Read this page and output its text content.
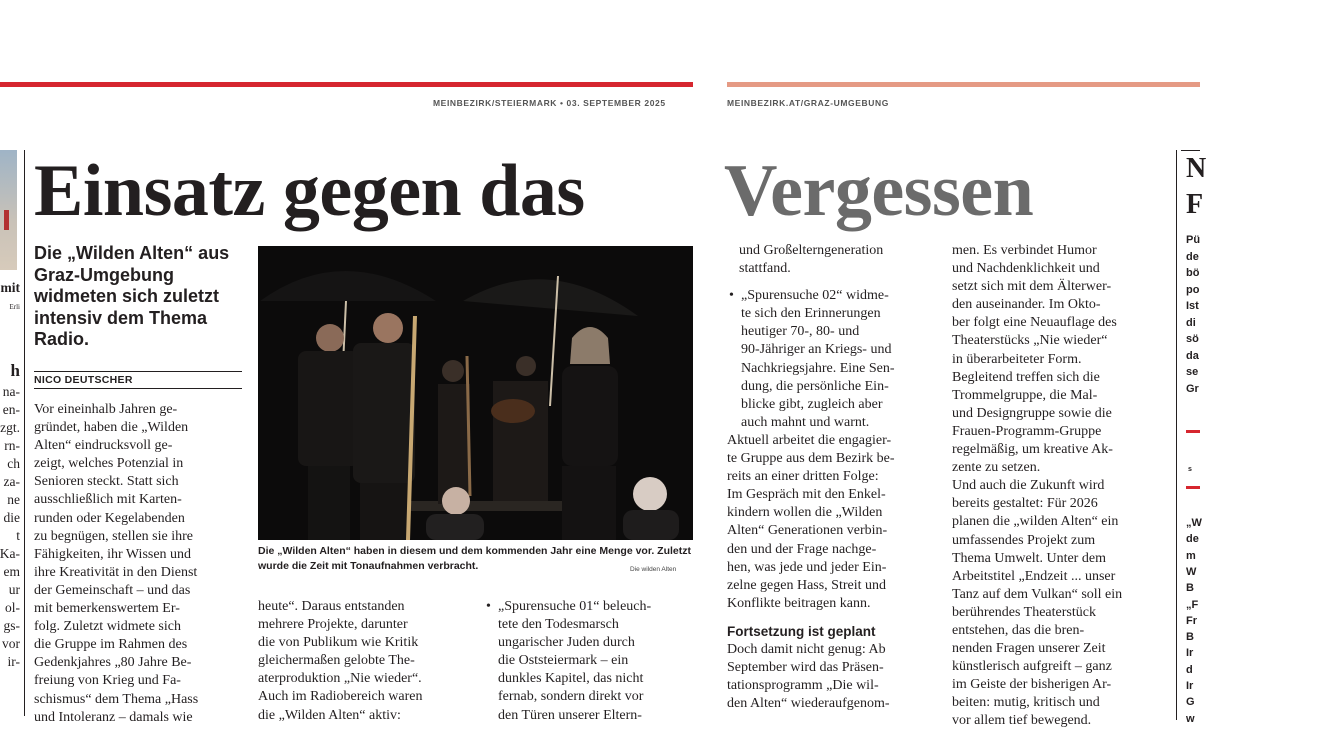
MEINBEZIRK/STEIERMARK • 03. SEPTEMBER 2025	MEINBEZIRK.AT/GRAZ-UMGEBUNG
mit
Erli
h
na-
en-
zgt.
rn-
ch
za-
ne
die
t
Ka-
em
ur
ol-
gs-
vor
ir-
Einsatz gegen das Vergessen
Die „Wilden Alten“ aus Graz-Umgebung widmeten sich zuletzt intensiv dem Thema Radio.
NICO DEUTSCHER
Vor eineinhalb Jahren ge-
gründet, haben die „Wilden
Alten“ eindrucksvoll ge-
zeigt, welches Potenzial in
Senioren steckt. Statt sich
ausschließlich mit Karten-
runden oder Kegelabenden
zu begnügen, stellen sie ihre
Fähigkeiten, ihr Wissen und
ihre Kreativität in den Dienst
der Gemeinschaft – und das
mit bemerkenswertem Er-
folg. Zuletzt widmete sich
die Gruppe im Rahmen des
Gedenkjahres „80 Jahre Be-
freiung von Krieg und Fa-
schismus“ dem Thema „Hass
und Intoleranz – damals wie
Die „Wilden Alten“ haben in diesem und dem kommenden Jahr eine Menge vor. Zuletzt wurde die Zeit mit Tonaufnahmen verbracht.	Die wilden Alten
heute“. Daraus entstanden
mehrere Projekte, darunter
die von Publikum wie Kritik
gleichermaßen gelobte The-
aterproduktion „Nie wieder“.
Auch im Radiobereich waren
die „Wilden Alten“ aktiv:
„Spurensuche 01“ beleuch-
tete den Todesmarsch
ungarischer Juden durch
die Oststeiermark – ein
dunkles Kapitel, das nicht
fernab, sondern direkt vor
den Türen unserer Eltern-
•
und Großelterngeneration
stattfand.
• „Spurensuche 02“ widme-
te sich den Erinnerungen
heutiger 70-, 80- und
90-Jähriger an Kriegs- und
Nachkriegsjahre. Eine Sen-
dung, die persönliche Ein-
blicke gibt, zugleich aber
auch mahnt und warnt.
Aktuell arbeitet die engagier-
te Gruppe aus dem Bezirk be-
reits an einer dritten Folge:
Im Gespräch mit den Enkel-
kindern wollen die „Wilden
Alten“ Generationen verbin-
den und der Frage nachge-
hen, was jede und jeder Ein-
zelne gegen Hass, Streit und
Konflikte beitragen kann.
Fortsetzung ist geplant
Doch damit nicht genug: Ab
September wird das Präsen-
tationsprogramm „Die wil-
den Alten“ wiederaufgenom-
men. Es verbindet Humor
und Nachdenklichkeit und
setzt sich mit dem Älterwer-
den auseinander. Im Okto-
ber folgt eine Neuauflage des
Theaterstücks „Nie wieder“
in überarbeiteter Form.
Begleitend treffen sich die
Trommelgruppe, die Mal-
und Designgruppe sowie die
Frauen-Programm-Gruppe
regelmäßig, um kreative Ak-
zente zu setzen.
Und auch die Zukunft wird
bereits gestaltet: Für 2026
planen die „wilden Alten“ ein
umfassendes Projekt zum
Thema Umwelt. Unter dem
Arbeitstitel „Endzeit ... unser
Tanz auf dem Vulkan“ soll ein
berührendes Theaterstück
entstehen, das die bren-
nenden Fragen unserer Zeit
künstlerisch aufgreift – ganz
im Geiste der bisherigen Ar-
beiten: mutig, kritisch und
vor allem tief bewegend.
N
F
Pü
de
bö
po
Ist
di
sö
da
se
Gr
s
„W
de
m
W
B
„F
Fr
B
Ir
d
Ir
G
w
